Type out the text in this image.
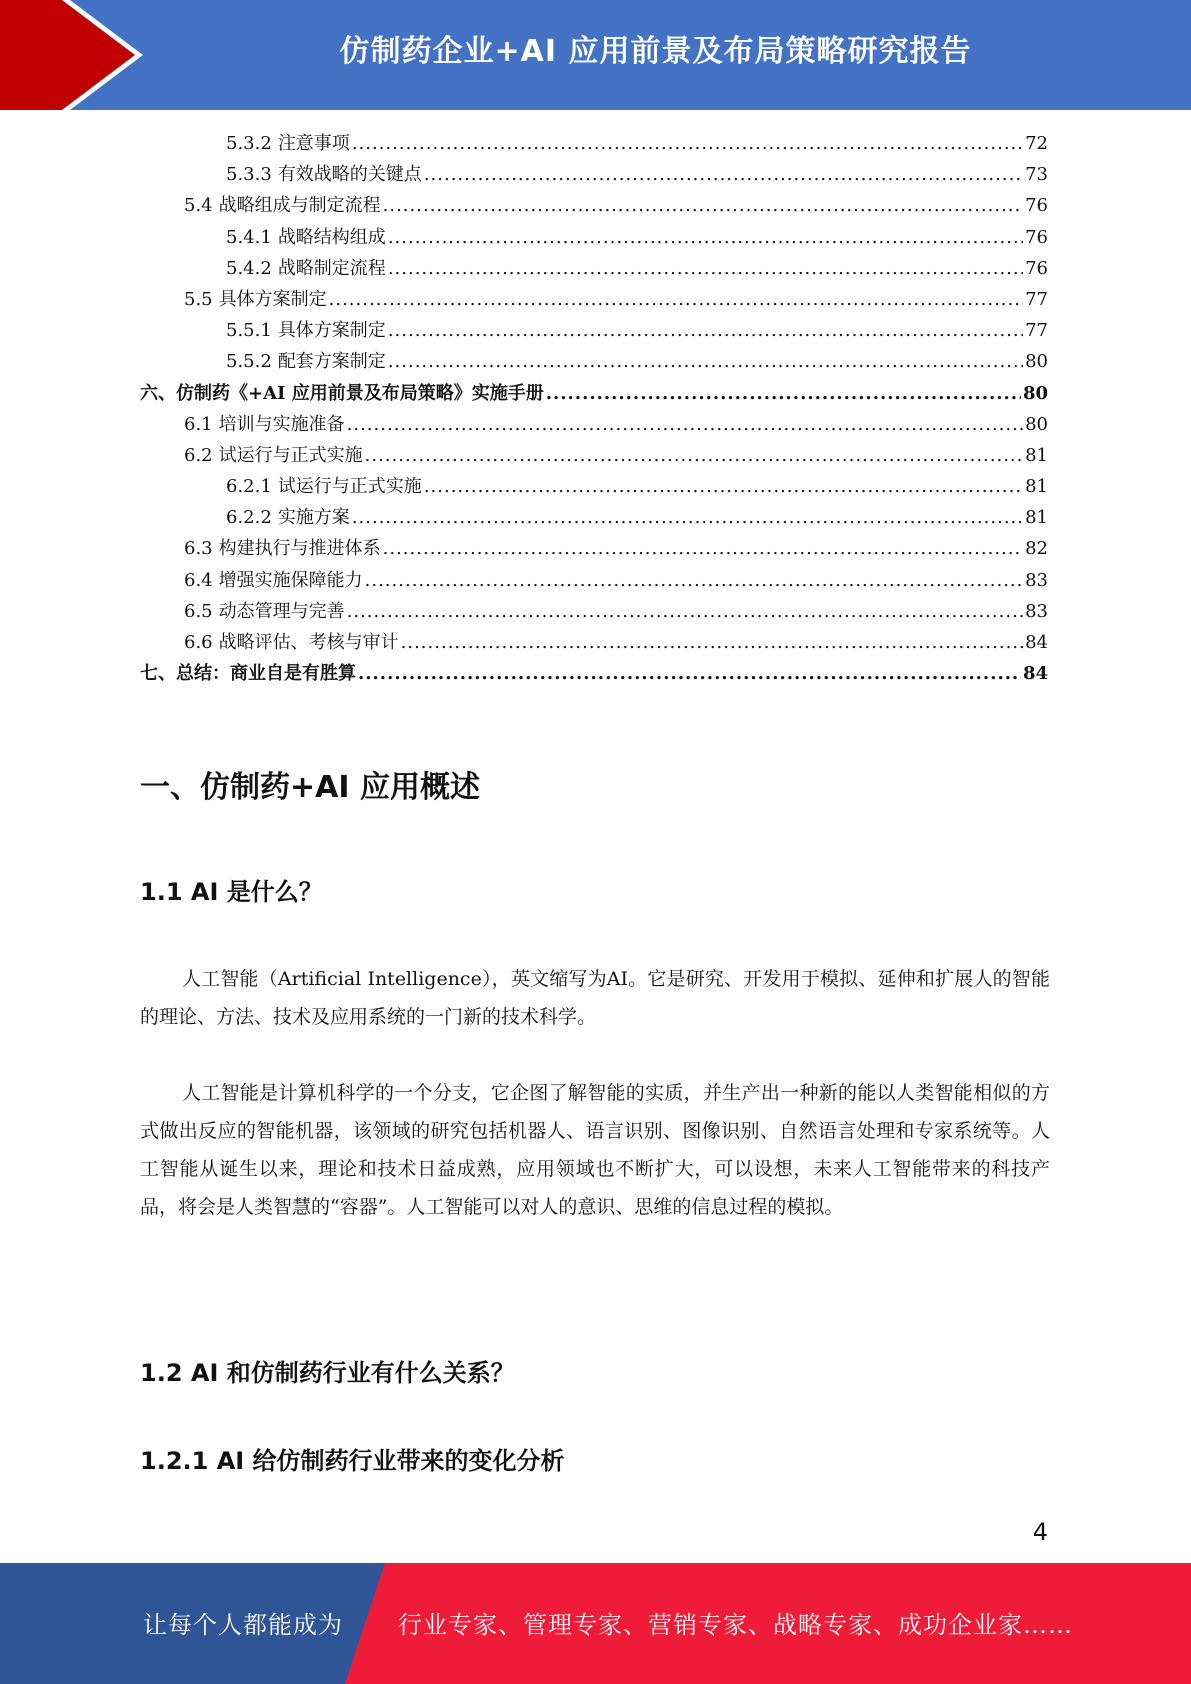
仿制药企业+AI 应用前景及布局策略研究报告
5.3.2 注意事项 .....	72
5.3.3 有效战略的关键点 .....	73
5.4 战略组成与制定流程 .....	76
5.4.1 战略结构组成 .....	76
5.4.2 战略制定流程 .....	76
5.5 具体方案制定 .....	77
5.5.1 具体方案制定 .....	77
5.5.2 配套方案制定 .....	80
六、仿制药《+AI 应用前景及布局策略》实施手册 .....	80
6.1 培训与实施准备 .....	80
6.2 试运行与正式实施 .....	81
6.2.1 试运行与正式实施 .....	81
6.2.2 实施方案 .....	81
6.3 构建执行与推进体系 .....	82
6.4 增强实施保障能力 .....	83
6.5 动态管理与完善 .....	83
6.6 战略评估、考核与审计 .....	84
七、总结：商业自是有胜算 .....	84
一、仿制药+AI 应用概述
1.1 AI 是什么？

人工智能（Artificial Intelligence），英文缩写为AI。它是研究、开发用于模拟、延伸和扩展人的智能的理论、方法、技术及应用系统的一门新的技术科学。

人工智能是计算机科学的一个分支，它企图了解智能的实质，并生产出一种新的能以人类智能相似的方式做出反应的智能机器，该领域的研究包括机器人、语言识别、图像识别、自然语言处理和专家系统等。人工智能从诞生以来，理论和技术日益成熟，应用领域也不断扩大，可以设想，未来人工智能带来的科技产品，将会是人类智慧的“容器”。人工智能可以对人的意识、思维的信息过程的模拟。

1.2 AI 和仿制药行业有什么关系？
1.2.1 AI 给仿制药行业带来的变化分析
4
让每个人都能成为 行业专家、管理专家、营销专家、战略专家、成功企业家……
